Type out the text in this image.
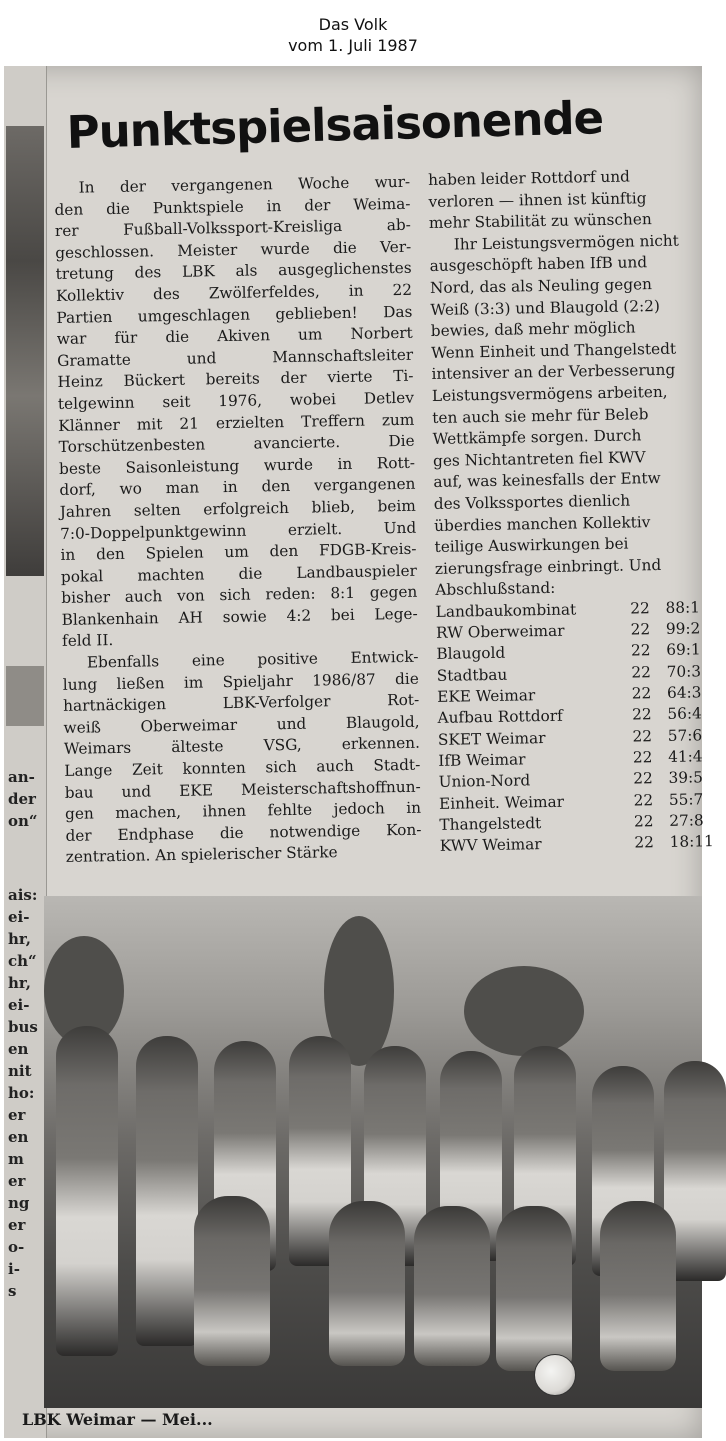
Das Volk
vom 1. Juli 1987
an-
der
on“
ais:
ei-
hr,
ch“
hr,
ei-
bus
en
nit
ho:
er
en
m
er
ng
er
o-
i-
s
Punktspielsaisonende
In der vergangenen Woche wur-
den die Punktspiele in der Weima-
rer Fußball-Volkssport-Kreisliga ab-
geschlossen. Meister wurde die Ver-
tretung des LBK als ausgeglichenstes
Kollektiv des Zwölferfeldes, in 22
Partien umgeschlagen geblieben! Das
war für die Akiven um Norbert
Gramatte und Mannschaftsleiter
Heinz Bückert bereits der vierte Ti-
telgewinn seit 1976, wobei Detlev
Klänner mit 21 erzielten Treffern zum
Torschützenbesten avancierte. Die
beste Saisonleistung wurde in Rott-
dorf, wo man in den vergangenen
Jahren selten erfolgreich blieb, beim
7:0-Doppelpunktgewinn erzielt. Und
in den Spielen um den FDGB-Kreis-
pokal machten die Landbauspieler
bisher auch von sich reden: 8:1 gegen
Blankenhain AH sowie 4:2 bei Lege-
feld II.
Ebenfalls eine positive Entwick-
lung ließen im Spieljahr 1986/87 die
hartnäckigen LBK-Verfolger Rot-
weiß Oberweimar und Blaugold,
Weimars älteste VSG, erkennen.
Lange Zeit konnten sich auch Stadt-
bau und EKE Meisterschaftshoffnun-
gen machen, ihnen fehlte jedoch in
der Endphase die notwendige Kon-
zentration. An spielerischer Stärke
haben leider Rottdorf und
verloren — ihnen ist künftig
mehr Stabilität zu wünschen
Ihr Leistungsvermögen nicht
ausgeschöpft haben IfB und
Nord, das als Neuling gegen
Weiß (3:3) und Blaugold (2:2)
bewies, daß mehr möglich
Wenn Einheit und Thangelstedt
intensiver an der Verbesserung
Leistungsvermögens arbeiten,
ten auch sie mehr für Beleb
Wettkämpfe sorgen. Durch
ges Nichtantreten fiel KWV
auf, was keinesfalls der Entw
des Volkssportes dienlich
überdies manchen Kollektiv
teilige Auswirkungen bei
zierungsfrage einbringt. Und
Abschlußstand:
Landbaukombinat	22	88:1
RW Oberweimar	22	99:2
Blaugold	22	69:1
Stadtbau	22	70:3
EKE Weimar	22	64:3
Aufbau Rottdorf	22	56:4
SKET Weimar	22	57:6
IfB Weimar	22	41:4
Union-Nord	22	39:5
Einheit. Weimar	22	55:7
Thangelstedt	22	27:8
KWV Weimar	22	18:11
LBK Weimar — Mei...
